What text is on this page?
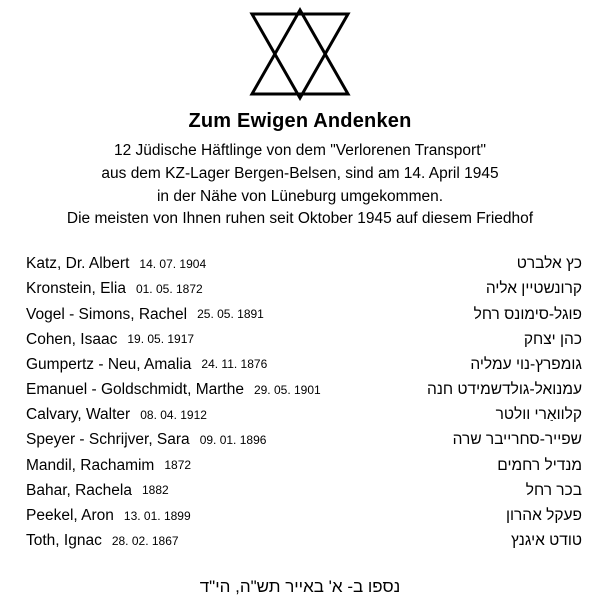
Zum Ewigen Andenken
12 Jüdische Häftlinge von dem "Verlorenen Transport"
aus dem KZ-Lager Bergen-Belsen, sind am 14. April 1945
in der Nähe von Lüneburg umgekommen.
Die meisten von Ihnen ruhen seit Oktober 1945 auf diesem Friedhof
Katz, Dr. Albert 14. 07. 1904	כץ אלברט
Kronstein, Elia 01. 05. 1872	קרונשטיין אליה
Vogel - Simons, Rachel 25. 05. 1891	פוגל-סימונס רחל
Cohen, Isaac 19. 05. 1917	כהן יצחק
Gumpertz - Neu, Amalia 24. 11. 1876	גומפרץ-נוי עמליה
Emanuel - Goldschmidt, Marthe 29. 05. 1901	עמנואל-גולדשמידט חנה
Calvary, Walter 08. 04. 1912	קלוואַרי וולטר
Speyer - Schrijver, Sara 09. 01. 1896	שפייר-סחרייבר שרה
Mandil, Rachamim 1872	מנדיל רחמים
Bahar, Rachela 1882	בכר רחל
Peekel, Aron 13. 01. 1899	פעקל אהרון
Toth, Ignac 28. 02. 1867	טודט איגנץ
נספו ב- א' באייר תש"ה, הי"ד
